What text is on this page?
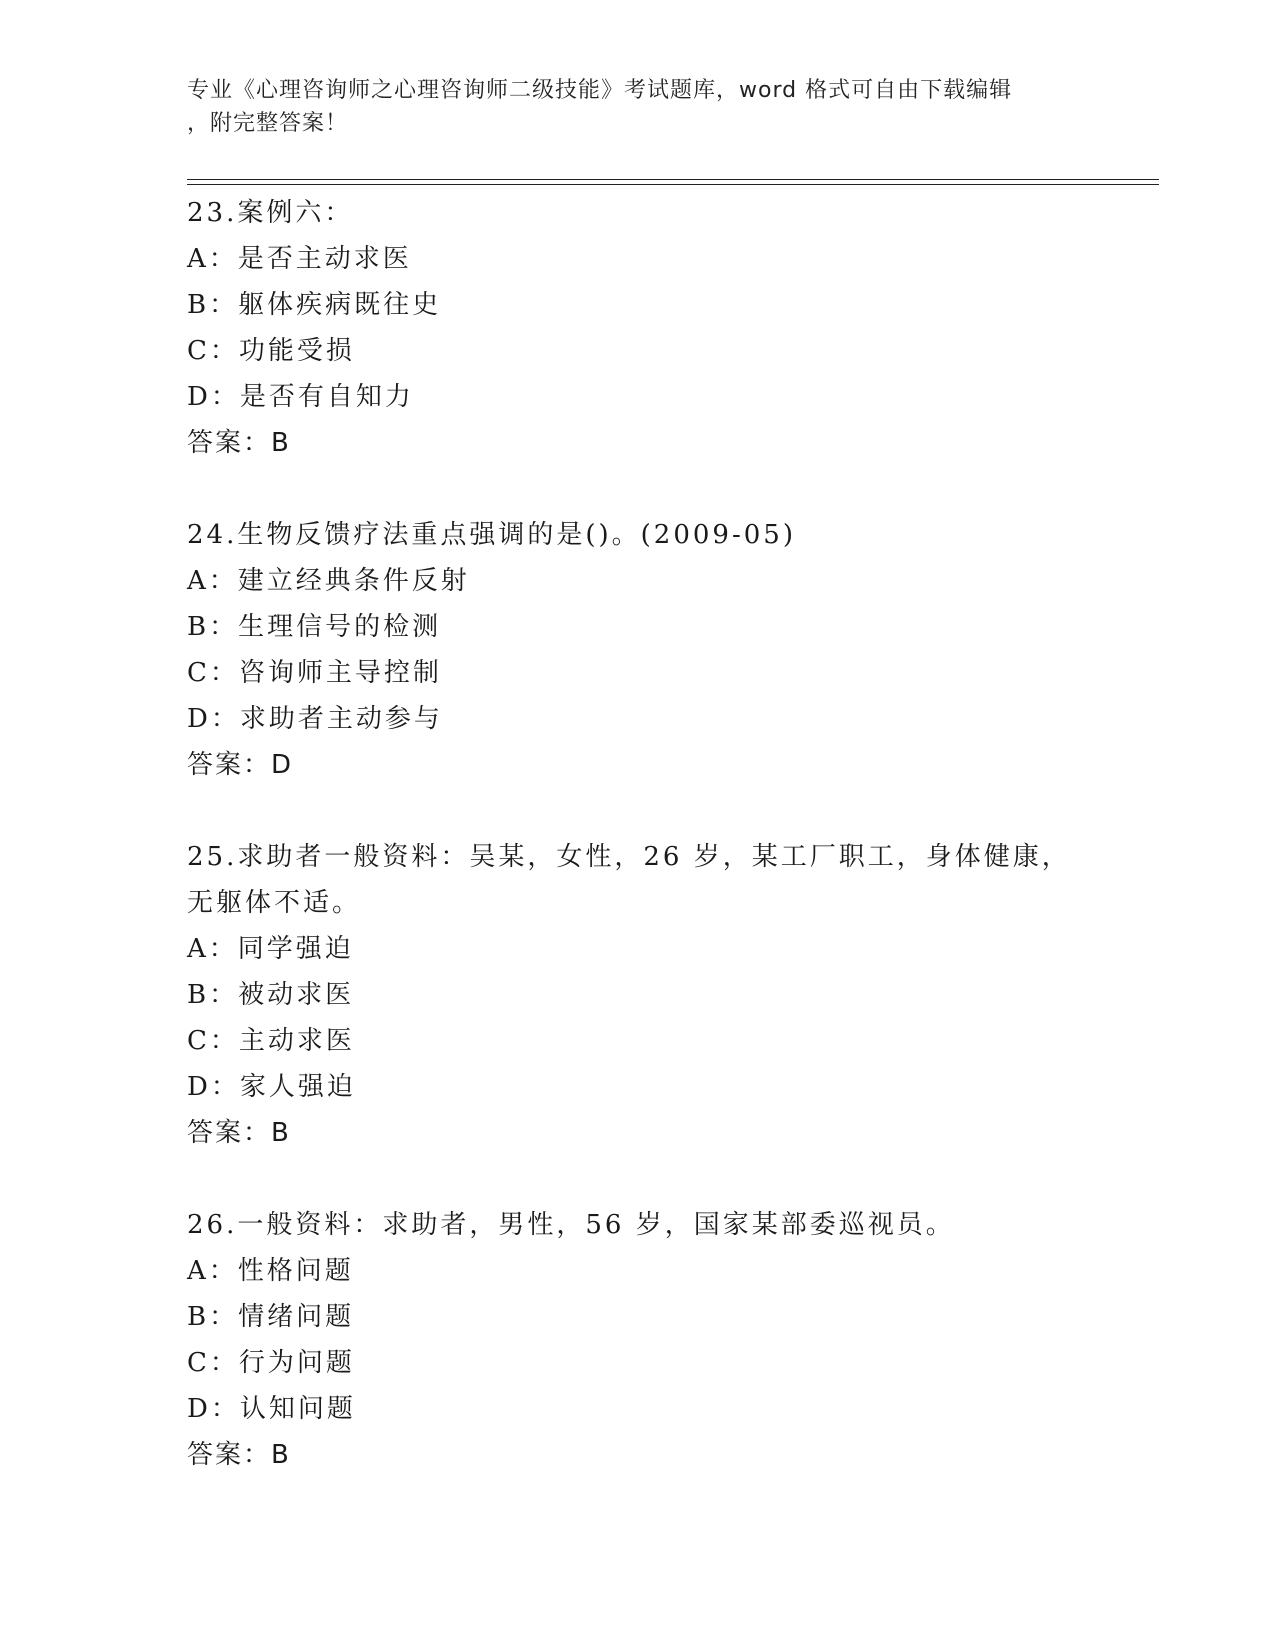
专业《心理咨询师之心理咨询师二级技能》考试题库，word 格式可自由下载编辑
，附完整答案！
23.案例六：
A：是否主动求医
B：躯体疾病既往史
C：功能受损
D：是否有自知力
答案：B
24.生物反馈疗法重点强调的是()。(2009-05)
A：建立经典条件反射
B：生理信号的检测
C：咨询师主导控制
D：求助者主动参与
答案：D
25.求助者一般资料：吴某，女性，26 岁，某工厂职工，身体健康，无躯体不适。
A：同学强迫
B：被动求医
C：主动求医
D：家人强迫
答案：B
26.一般资料：求助者，男性，56 岁，国家某部委巡视员。
A：性格问题
B：情绪问题
C：行为问题
D：认知问题
答案：B
